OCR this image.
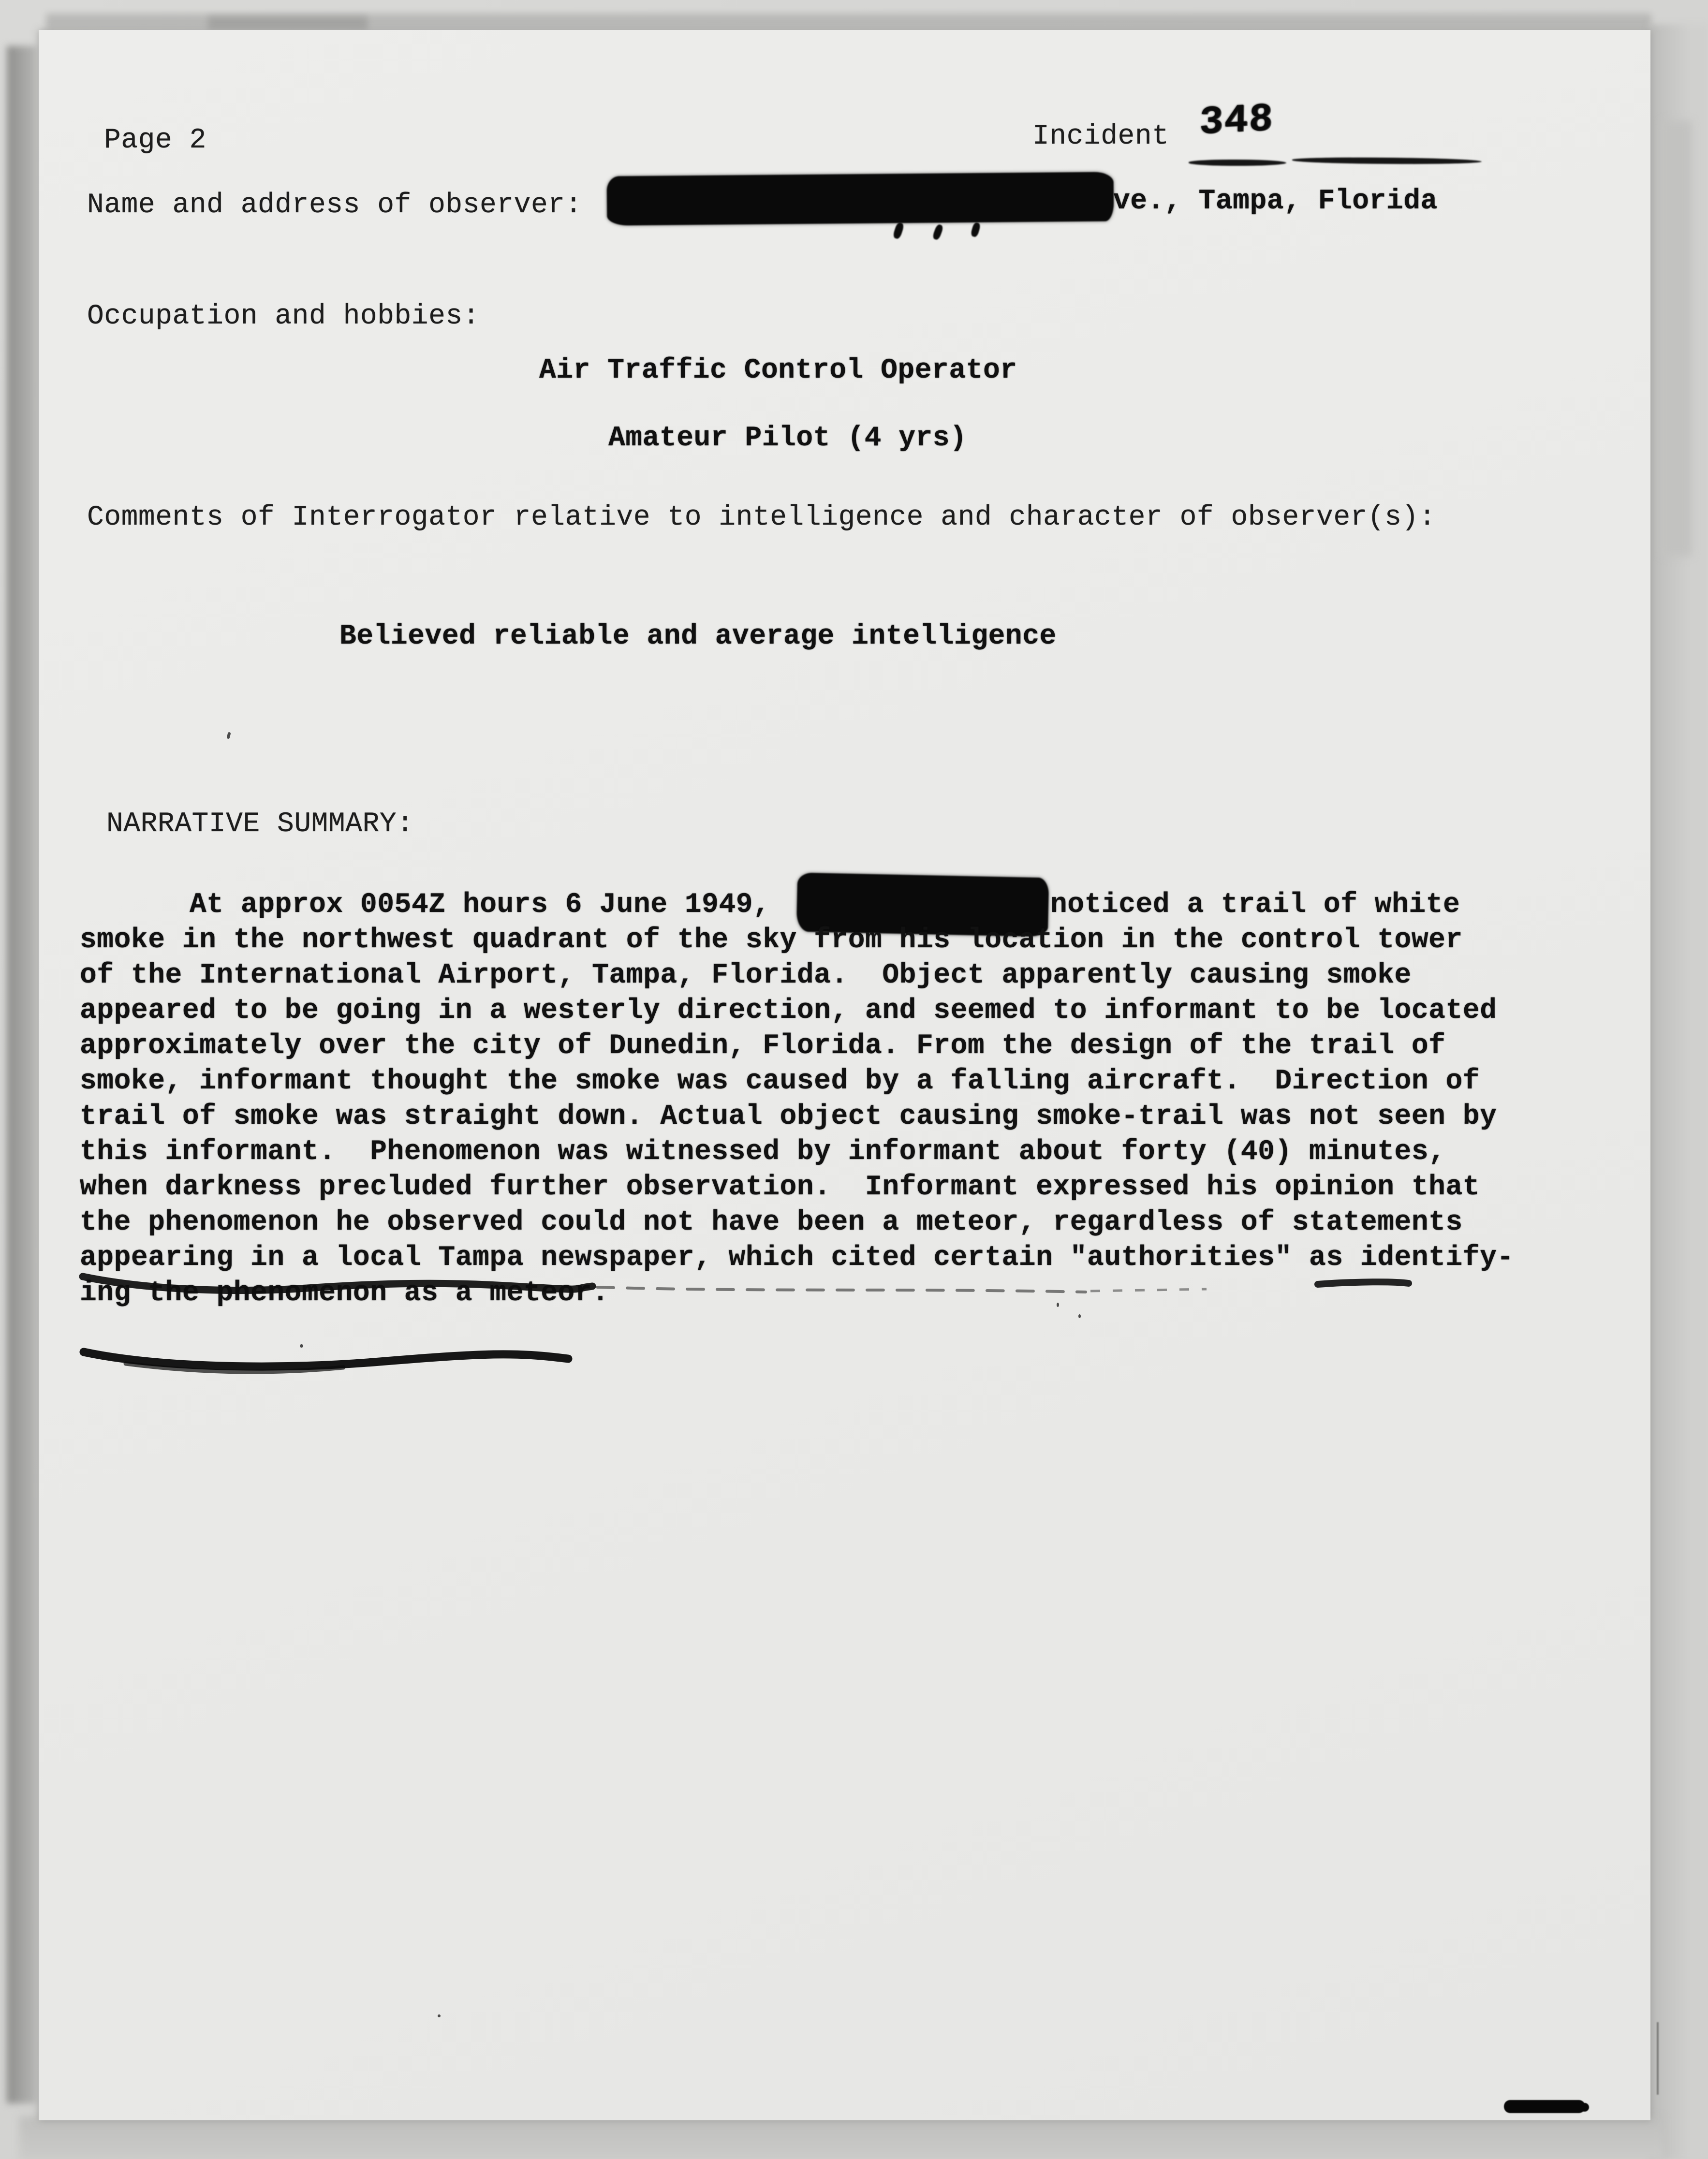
Page 2	Incident 348
Name and address of observer:	ve., Tampa, Florida
Occupation and hobbies:
Air Traffic Control Operator
Amateur Pilot (4 yrs)
Comments of Interrogator relative to intelligence and character of observer(s):
Believed reliable and average intelligence
NARRATIVE SUMMARY:
At approx 0054Z hours 6 June 1949,	noticed a trail of white
smoke in the northwest quadrant of the sky from his location in the control tower
of the International Airport, Tampa, Florida.  Object apparently causing smoke
appeared to be going in a westerly direction, and seemed to informant to be located
approximately over the city of Dunedin, Florida. From the design of the trail of
smoke, informant thought the smoke was caused by a falling aircraft.  Direction of
trail of smoke was straight down. Actual object causing smoke-trail was not seen by
this informant.  Phenomenon was witnessed by informant about forty (40) minutes,
when darkness precluded further observation.  Informant expressed his opinion that
the phenomenon he observed could not have been a meteor, regardless of statements
appearing in a local Tampa newspaper, which cited certain "authorities" as identify-
ing the phenomenon as a meteor.
